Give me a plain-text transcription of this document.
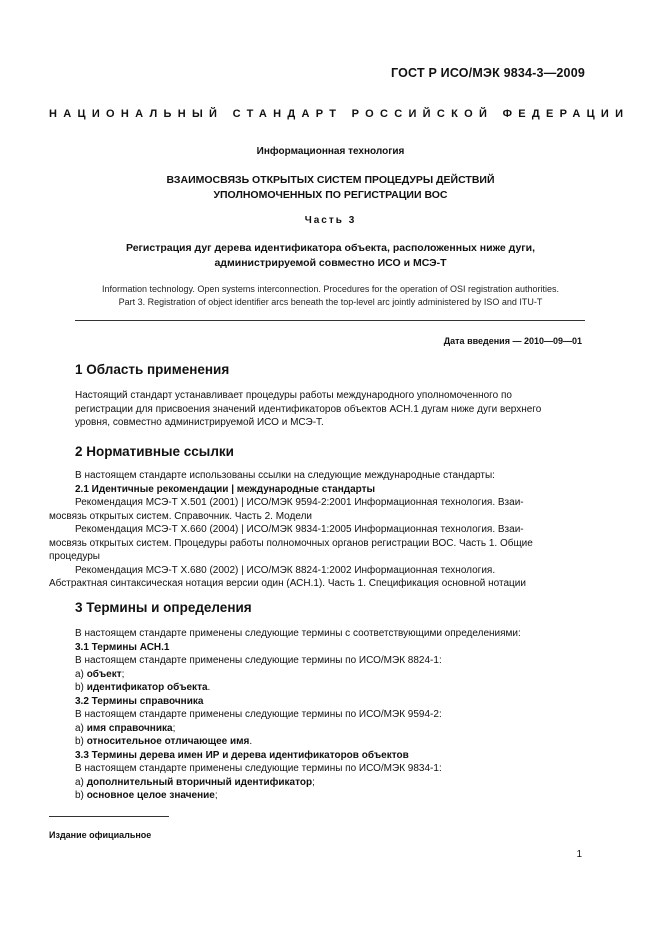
ГОСТ Р ИСО/МЭК 9834-3—2009
НАЦИОНАЛЬНЫЙ СТАНДАРТ РОССИЙСКОЙ ФЕДЕРАЦИИ
Информационная технология
ВЗАИМОСВЯЗЬ ОТКРЫТЫХ СИСТЕМ ПРОЦЕДУРЫ ДЕЙСТВИЙ
УПОЛНОМОЧЕННЫХ ПО РЕГИСТРАЦИИ ВОС
Часть 3
Регистрация дуг дерева идентификатора объекта, расположенных ниже дуги,
администрируемой совместно ИСО и МСЭ-Т
Information technology. Open systems interconnection. Procedures for the operation of OSI registration authorities.
Part 3. Registration of object identifier arcs beneath the top-level arc jointly administered by ISO and ITU-T
Дата введения — 2010—09—01
1 Область применения

Настоящий стандарт устанавливает процедуры работы международного уполномоченного по

регистрации для присвоения значений идентификаторов объектов АСН.1 дугам ниже дуги верхнего

уровня, совместно администрируемой ИСО и МСЭ-Т.

2 Нормативные ссылки

В настоящем стандарте использованы ссылки на следующие международные стандарты:

2.1 Идентичные рекомендации | международные стандарты

Рекомендация МСЭ-Т Х.501 (2001) | ИСО/МЭК 9594-2:2001 Информационная технология. Взаи-

мосвязь открытых систем. Справочник. Часть 2. Модели

Рекомендация МСЭ-Т Х.660 (2004) | ИСО/МЭК 9834-1:2005 Информационная технология. Взаи-

мосвязь открытых систем. Процедуры работы полномочных органов регистрации ВОС. Часть 1. Общие

процедуры

Рекомендация МСЭ-Т Х.680 (2002) | ИСО/МЭК 8824-1:2002 Информационная технология.

Абстрактная синтаксическая нотация версии один (АСН.1). Часть 1. Спецификация основной нотации

3 Термины и определения

В настоящем стандарте применены следующие термины с соответствующими определениями:

3.1 Термины АСН.1

В настоящем стандарте применены следующие термины по ИСО/МЭК 8824-1:

а) объект;

b) идентификатор объекта.

3.2 Термины справочника

В настоящем стандарте применены следующие термины по ИСО/МЭК 9594-2:

а) имя справочника;

b) относительное отличающее имя.

3.3 Термины дерева имен ИР и дерева идентификаторов объектов

В настоящем стандарте применены следующие термины по ИСО/МЭК 9834-1:

а) дополнительный вторичный идентификатор;

b) основное целое значение;

Издание официальное
1
